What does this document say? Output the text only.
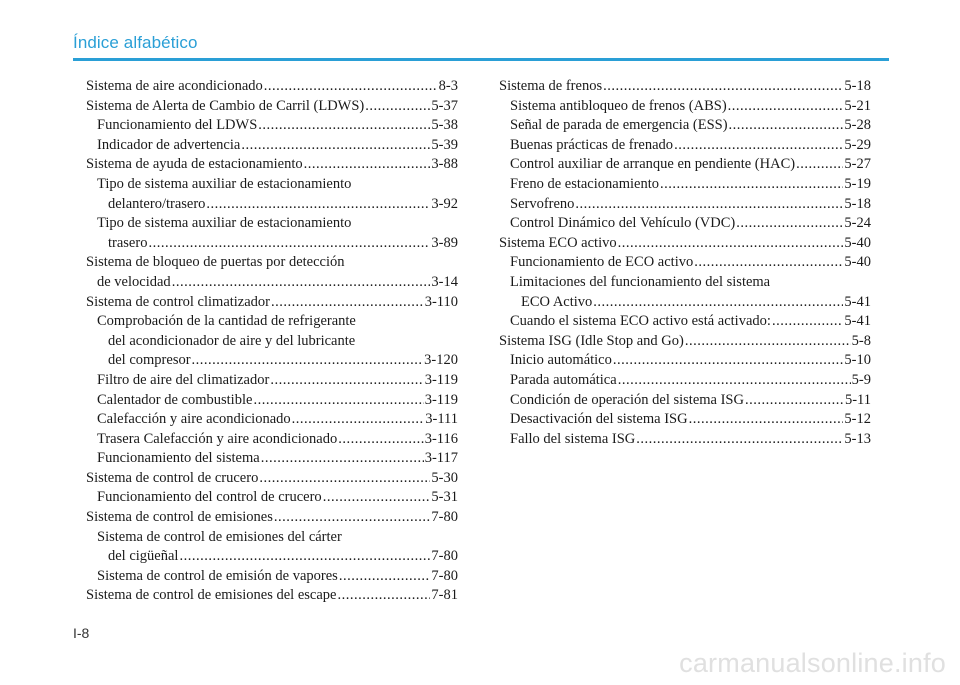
Índice alfabético
Sistema de aire acondicionado .....	8-3
Sistema de Alerta de Cambio de Carril (LDWS) .....	5-37
Funcionamiento del LDWS .....	5-38
Indicador de advertencia .....	5-39
Sistema de ayuda de estacionamiento .....	3-88
Tipo de sistema auxiliar de estacionamiento
delantero/trasero .....	3-92
Tipo de sistema auxiliar de estacionamiento
trasero .....	3-89
Sistema de bloqueo de puertas por detección
de velocidad .....	3-14
Sistema de control climatizador .....	3-110
Comprobación de la cantidad de refrigerante
del acondicionador de aire y del lubricante
del compresor .....	3-120
Filtro de aire del climatizador .....	3-119
Calentador de combustible .....	3-119
Calefacción y aire acondicionado .....	3-111
Trasera Calefacción y aire acondicionado .....	3-116
Funcionamiento del sistema .....	3-117
Sistema de control de crucero .....	5-30
Funcionamiento del control de crucero .....	5-31
Sistema de control de emisiones .....	7-80
Sistema de control de emisiones del cárter
del cigüeñal .....	7-80
Sistema de control de emisión de vapores .....	7-80
Sistema de control de emisiones del escape .....	7-81
Sistema de frenos .....	5-18
Sistema antibloqueo de frenos (ABS) .....	5-21
Señal de parada de emergencia (ESS) .....	5-28
Buenas prácticas de frenado .....	5-29
Control auxiliar de arranque en pendiente (HAC) .....	5-27
Freno de estacionamiento .....	5-19
Servofreno .....	5-18
Control Dinámico del Vehículo (VDC) .....	5-24
Sistema ECO activo .....	5-40
Funcionamiento de ECO activo .....	5-40
Limitaciones del funcionamiento del sistema
ECO Activo .....	5-41
Cuando el sistema ECO activo está activado: .....	5-41
Sistema ISG (Idle Stop and Go) .....	5-8
Inicio automático .....	5-10
Parada automática .....	5-9
Condición de operación del sistema ISG .....	5-11
Desactivación del sistema ISG .....	5-12
Fallo del sistema ISG .....	5-13
I-8
carmanualsonline.info
